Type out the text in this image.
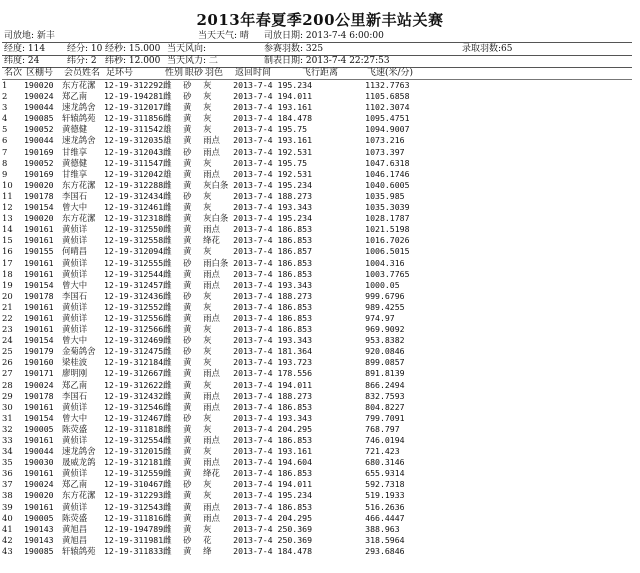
2013年春夏季200公里新丰站关赛
司放地: 新丰	当天天气: 晴 司放日期: 2013-7-4 6:00:00
经度: 114 经分: 10 经秒: 15.000 当天风向:	参赛羽数: 325	录取羽数:65
纬度: 24	纬分: 2 纬秒: 12.000 当天风力: 二	制表日期: 2013-7-4 22:27:53
名次 区棚号 会员姓名 足环号	性别 眼砂 羽色 返回时间	飞行距离	飞速(米/分)
1	190020	东方花潔	12-19-312292	雌	砂	灰	2013-7-4 195.234	1132.7763
2	190024	郑乙南	12-19-194281	雌	砂	灰	2013-7-4 194.011	1105.6858
3	190044	速龙鸽舍	12-19-312017	雌	黄	灰	2013-7-4 193.161	1102.3074
4	190085	轩辕鸽苑	12-19-311856	雌	黄	灰	2013-7-4 184.478	1095.4751
5	190052	黄德健	12-19-311542	雄	黄	灰	2013-7-4 195.75	1094.9007
6	190044	速龙鸽舍	12-19-312035	雄	黄	雨点	2013-7-4 193.161	1073.216
7	190169	甘维享	12-19-312043	雌	砂	雨点	2013-7-4 192.531	1073.397
8	190052	黄德健	12-19-311547	雌	黄	灰	2013-7-4 195.75	1047.6318
9	190169	甘维享	12-19-312042	雄	黄	雨点	2013-7-4 192.531	1046.1746
10	190020	东方花潔	12-19-312288	雌	黄	灰白条	2013-7-4 195.234	1040.6005
11	190178	李国石	12-19-312434	雌	砂	灰	2013-7-4 188.273	1035.985
12	190154	曾大中	12-19-312461	雌	黄	灰	2013-7-4 193.343	1035.3039
13	190020	东方花潔	12-19-312318	雌	黄	灰白条	2013-7-4 195.234	1028.1787
14	190161	黄侦详	12-19-312550	雌	黄	雨点	2013-7-4 186.853	1021.5198
15	190161	黄侦详	12-19-312558	雌	黄	绛花	2013-7-4 186.853	1016.7026
16	190155	何晴昌	12-19-312094	雌	黄	灰	2013-7-4 186.857	1006.5015
17	190161	黄侦详	12-19-312555	雌	砂	雨白条	2013-7-4 186.853	1004.316
18	190161	黄侦详	12-19-312544	雌	黄	雨点	2013-7-4 186.853	1003.7765
19	190154	曾大中	12-19-312457	雌	黄	雨点	2013-7-4 193.343	1000.05
20	190178	李国石	12-19-312436	雌	砂	灰	2013-7-4 188.273	999.6796
21	190161	黄侦详	12-19-312552	雌	黄	灰	2013-7-4 186.853	989.4255
22	190161	黄侦详	12-19-312556	雌	黄	雨点	2013-7-4 186.853	974.97
23	190161	黄侦详	12-19-312566	雌	黄	灰	2013-7-4 186.853	969.9092
24	190154	曾大中	12-19-312469	雌	砂	灰	2013-7-4 193.343	953.8382
25	190179	金菊鸽舍	12-19-312475	雌	砂	灰	2013-7-4 181.364	920.0846
26	190160	梁桂波	12-19-312184	雌	黄	灰	2013-7-4 193.723	899.0857
27	190171	廖明刚	12-19-312667	雌	黄	雨点	2013-7-4 178.556	891.8139
28	190024	郑乙南	12-19-312622	雌	黄	灰	2013-7-4 194.011	866.2494
29	190178	李国石	12-19-312432	雌	黄	雨点	2013-7-4 188.273	832.7593
30	190161	黄侦详	12-19-312546	雌	黄	雨点	2013-7-4 186.853	804.8227
31	190154	曾大中	12-19-312467	雌	砂	灰	2013-7-4 193.343	799.7091
32	190005	陈荧盛	12-19-311818	雌	黄	灰	2013-7-4 204.295	768.797
33	190161	黄侦详	12-19-312554	雌	黄	雨点	2013-7-4 186.853	746.0194
34	190044	速龙鸽舍	12-19-312015	雌	黄	灰	2013-7-4 193.161	721.423
35	190030	晟威龙鸽	12-19-312181	雌	黄	雨点	2013-7-4 194.604	680.3146
36	190161	黄侦详	12-19-312559	雌	黄	绛花	2013-7-4 186.853	655.9314
37	190024	郑乙南	12-19-310467	雌	砂	灰	2013-7-4 194.011	592.7318
38	190020	东方花潔	12-19-312293	雌	黄	灰	2013-7-4 195.234	519.1933
39	190161	黄侦详	12-19-312543	雌	黄	雨点	2013-7-4 186.853	516.2636
40	190005	陈荧盛	12-19-311816	雌	黄	雨点	2013-7-4 204.295	466.4447
41	190143	黄旭昌	12-19-194789	雌	黄	灰	2013-7-4 250.369	388.963
42	190143	黄旭昌	12-19-311981	雌	砂	花	2013-7-4 250.369	318.5964
43	190085	轩辕鸽苑	12-19-311833	雌	黄	绛	2013-7-4 184.478	293.6846
